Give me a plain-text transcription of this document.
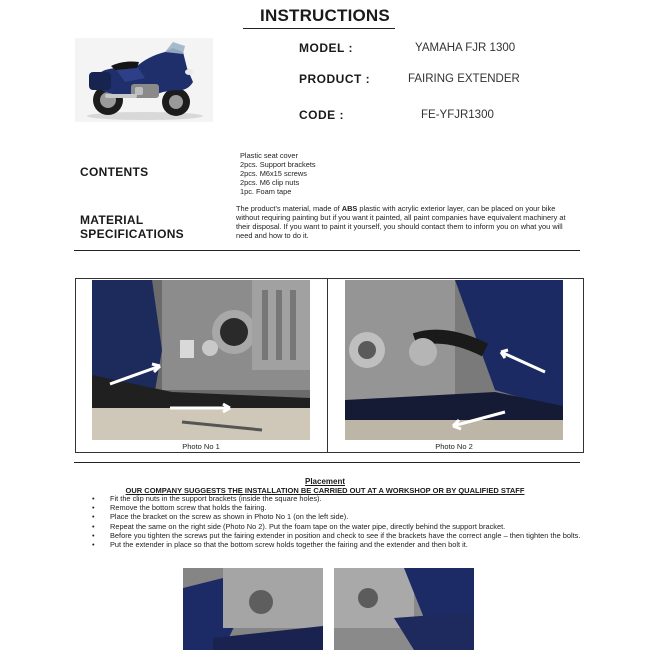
INSTRUCTIONS
MODEL :	YAMAHA FJR 1300
PRODUCT :	FAIRING EXTENDER
CODE :	FE-YFJR1300
CONTENTS
Plastic seat cover
2pcs. Support brackets
2pcs. M6x15 screws
2pcs. M6 clip nuts
1pc. Foam tape
MATERIAL
SPECIFICATIONS
The product's material, made of ABS plastic with acrylic exterior layer, can be placed on your bike without requiring painting but if you want it painted, all paint companies have equivalent machinery at their disposal. If you want to paint it yourself, you should contact them to inform you on what you will need and how to do it.
Photo No 1	Photo No 2
Placement
OUR COMPANY SUGGESTS THE INSTALLATION BE CARRIED OUT AT A WORKSHOP OR BY QUALIFIED STAFF
• Fit the clip nuts in the support brackets (inside the square holes).
• Remove the bottom screw that holds the fairing.
• Place the bracket on the screw as shown in Photo No 1 (on the left side).
• Repeat the same on the right side (Photo No 2). Put the foam tape on the water pipe, directly behind the support bracket.
• Before you tighten the screws put the fairing extender in position and check to see if the brackets have the correct angle – then tighten the bolts.
• Put the extender in place so that the bottom screw holds together the fairing and the extender and then bolt it.
